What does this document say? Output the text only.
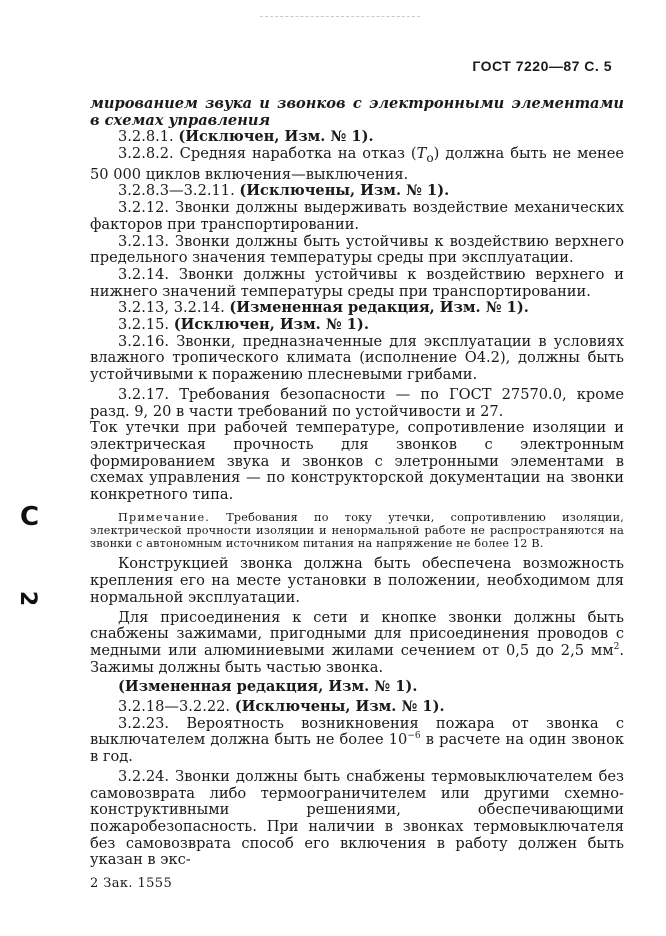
ГОСТ 7220—87 С. 5
С
2

мированием звука и звонков с электронными элементами в схемах управления

3.2.8.1. (Исключен, Изм. № 1).

3.2.8.2. Средняя наработка на отказ $(T_о)$ должна быть не менее 50 000 циклов включения—выключения.

3.2.8.3—3.2.11. (Исключены, Изм. № 1).

3.2.12. Звонки должны выдерживать воздействие механических факторов при транспортировании.

3.2.13. Звонки должны быть устойчивы к воздействию верхнего предельного значения температуры среды при эксплуатации.

3.2.14. Звонки должны устойчивы к воздействию верхнего и нижнего значений температуры среды при транспортировании.

3.2.13, 3.2.14. (Измененная редакция, Изм. № 1).

3.2.15. (Исключен, Изм. № 1).

3.2.16. Звонки, предназначенные для эксплуатации в условиях влажного тропического климата (исполнение О4.2), должны быть устойчивыми к поражению плесневыми грибами.

3.2.17. Требования безопасности — по ГОСТ 27570.0, кроме разд. 9, 20 в части требований по устойчивости и 27.

Ток утечки при рабочей температуре, сопротивление изоляции и электрическая прочность для звонков с электронным формированием звука и звонков с элетронными элементами в схемах управления — по конструкторской документации на звонки конкретного типа.

Примечание. Требования по току утечки, сопротивлению изоляции, электрической прочности изоляции и ненормальной работе не распространяются на звонки с автономным источником питания на напряжение не более 12 В.

Конструкцией звонка должна быть обеспечена возможность крепления его на месте установки в положении, необходимом для нормальной эксплуатации.

Для присоединения к сети и кнопке звонки должны быть снабжены зажимами, пригодными для присоединения проводов с медными или алюминиевыми жилами сечением от 0,5 до 2,5 $мм^2$. Зажимы должны быть частью звонка.

(Измененная редакция, Изм. № 1).

3.2.18—3.2.22. (Исключены, Изм. № 1).

3.2.23. Вероятность возникновения пожара от звонка с выключателем должна быть не более $10^{-6}$ в расчете на один звонок в год.

3.2.24. Звонки должны быть снабжены термовыключателем без самовозврата либо термоограничителем или другими схемно-конструктивными решениями, обеспечивающими пожаробезопасность. При наличии в звонках термовыключателя без самовозврата способ его включения в работу должен быть указан в экс-

2 Зак. 1555
